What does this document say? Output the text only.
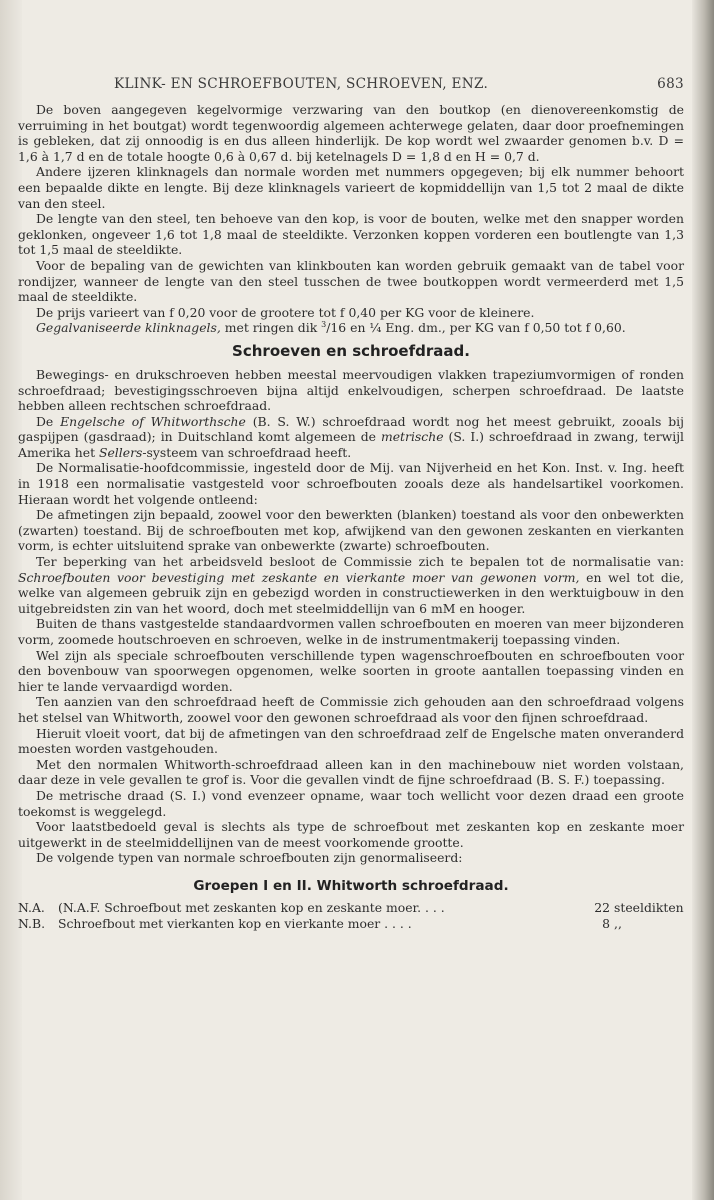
KLINK- EN SCHROEFBOUTEN, SCHROEVEN, ENZ.	683

De boven aangegeven kegelvormige verzwaring van den boutkop (en dienovereenkomstig de verruiming in het boutgat) wordt tegenwoordig algemeen achterwege gelaten, daar door proefnemingen is gebleken, dat zij onnoodig is en dus alleen hinderlijk. De kop wordt wel zwaarder genomen b.v. D = 1,6 à 1,7 d en de totale hoogte 0,6 à 0,67 d. bij ketelnagels D = 1,8 d en H = 0,7 d.

Andere ijzeren klinknagels dan normale worden met nummers opgegeven; bij elk nummer behoort een bepaalde dikte en lengte. Bij deze klinknagels varieert de kopmiddellijn van 1,5 tot 2 maal de dikte van den steel.

De lengte van den steel, ten behoeve van den kop, is voor de bouten, welke met den snapper worden geklonken, ongeveer 1,6 tot 1,8 maal de steeldikte. Verzonken koppen vorderen een boutlengte van 1,3 tot 1,5 maal de steeldikte.

Voor de bepaling van de gewichten van klinkbouten kan worden gebruik gemaakt van de tabel voor rondijzer, wanneer de lengte van den steel tusschen de twee boutkoppen wordt vermeerderd met 1,5 maal de steeldikte.

De prijs varieert van f 0,20 voor de grootere tot f 0,40 per KG voor de kleinere.

Gegalvaniseerde klinknagels, met ringen dik $^3$/16 en ¼ Eng. dm., per KG van f 0,50 tot f 0,60.

Schroeven en schroefdraad.

Bewegings- en drukschroeven hebben meestal meervoudigen vlakken trapeziumvormigen of ronden schroefdraad; bevestigingsschroeven bijna altijd enkelvoudigen, scherpen schroefdraad. De laatste hebben alleen rechtschen schroefdraad.

De Engelsche of Whitworthsche (B. S. W.) schroefdraad wordt nog het meest gebruikt, zooals bij gaspijpen (gasdraad); in Duitschland komt algemeen de metrische (S. I.) schroefdraad in zwang, terwijl Amerika het Sellers-systeem van schroefdraad heeft.

De Normalisatie-hoofdcommissie, ingesteld door de Mij. van Nijverheid en het Kon. Inst. v. Ing. heeft in 1918 een normalisatie vastgesteld voor schroefbouten zooals deze als handelsartikel voorkomen. Hieraan wordt het volgende ontleend:

De afmetingen zijn bepaald, zoowel voor den bewerkten (blanken) toestand als voor den onbewerkten (zwarten) toestand. Bij de schroefbouten met kop, afwijkend van den gewonen zeskanten en vierkanten vorm, is echter uitsluitend sprake van onbewerkte (zwarte) schroefbouten.

Ter beperking van het arbeidsveld besloot de Commissie zich te bepalen tot de normalisatie van: Schroefbouten voor bevestiging met zeskante en vierkante moer van gewonen vorm, en wel tot die, welke van algemeen gebruik zijn en gebezigd worden in constructiewerken in den werktuigbouw in den uitgebreidsten zin van het woord, doch met steelmiddellijn van 6 mM en hooger.

Buiten de thans vastgestelde standaardvormen vallen schroefbouten en moeren van meer bijzonderen vorm, zoomede houtschroeven en schroeven, welke in de instrumentmakerij toepassing vinden.

Wel zijn als speciale schroefbouten verschillende typen wagenschroefbouten en schroefbouten voor den bovenbouw van spoorwegen opgenomen, welke soorten in groote aantallen toepassing vinden en hier te lande vervaardigd worden.

Ten aanzien van den schroefdraad heeft de Commissie zich gehouden aan den schroefdraad volgens het stelsel van Whitworth, zoowel voor den gewonen schroefdraad als voor den fijnen schroefdraad.

Hieruit vloeit voort, dat bij de afmetingen van den schroefdraad zelf de Engelsche maten onveranderd moesten worden vastgehouden.

Met den normalen Whitworth-schroefdraad alleen kan in den machinebouw niet worden volstaan, daar deze in vele gevallen te grof is. Voor die gevallen vindt de fijne schroefdraad (B. S. F.) toepassing.

De metrische draad (S. I.) vond evenzeer opname, waar toch wellicht voor dezen draad een groote toekomst is weggelegd.

Voor laatstbedoeld geval is slechts als type de schroefbout met zeskanten kop en zeskante moer uitgewerkt in de steelmiddellijnen van de meest voorkomende grootte.

De volgende typen van normale schroefbouten zijn genormaliseerd:

Groepen I en II. Whitworth schroefdraad.
N.A.	(N.A.F. Schroefbout met zeskanten kop en zeskante moer. . . .	22	steeldikten
N.B.	Schroefbout met vierkanten kop en vierkante moer . . . .	8	,,
